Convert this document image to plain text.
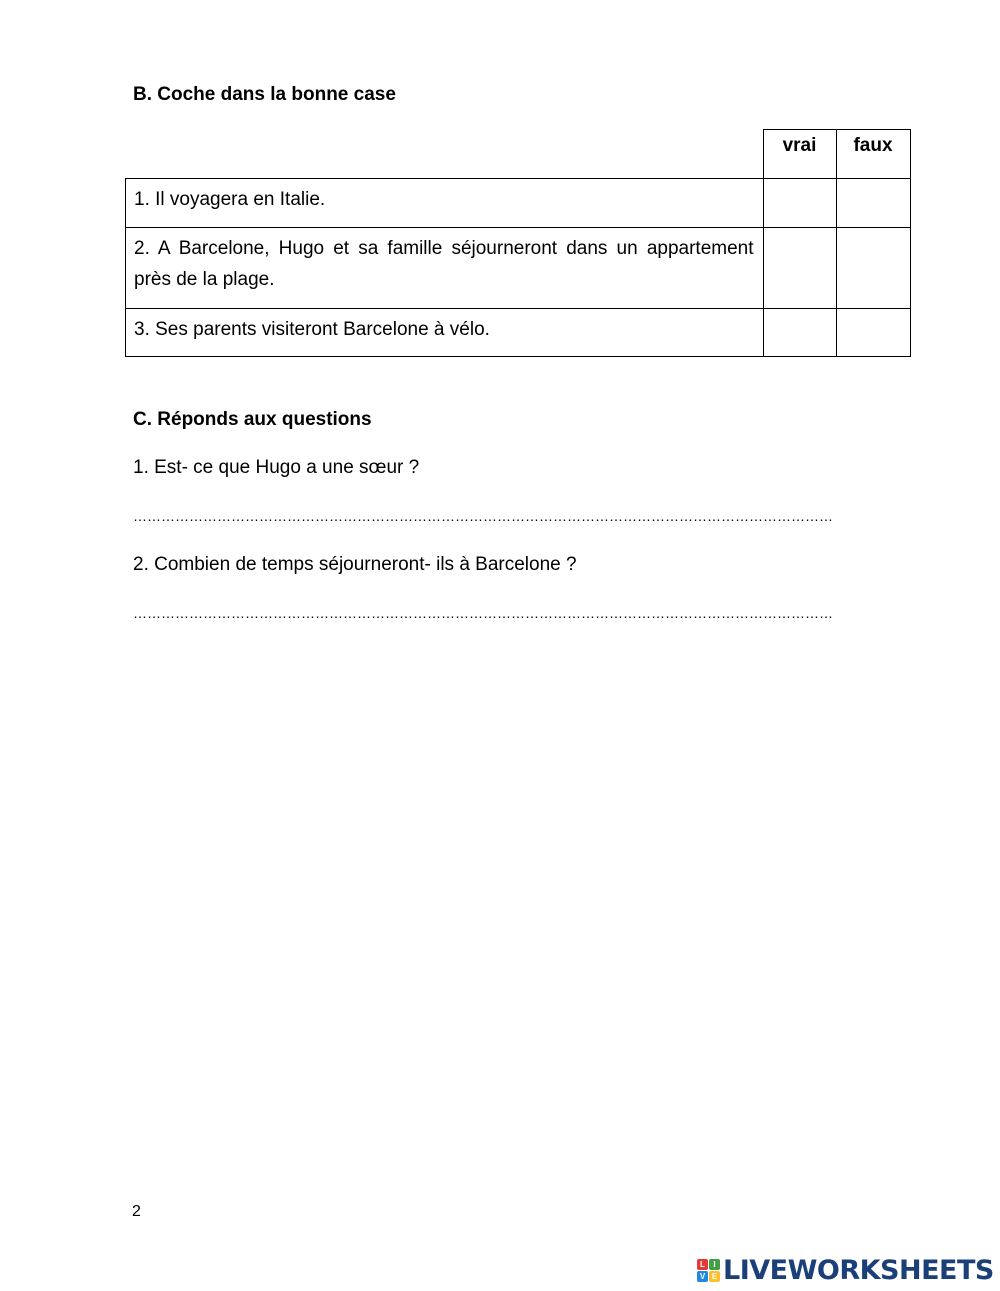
B. Coche dans la bonne case
	vrai	faux
1. Il voyagera en Italie.		
2. A Barcelone, Hugo et sa famille séjourneront dans un appartement près de la plage.		
3. Ses parents visiteront Barcelone à vélo.		
C. Réponds aux questions
1. Est- ce que Hugo a une sœur ?
……………………………………………………………………………………………………………………………………
2. Combien de temps séjourneront- ils à Barcelone ?
……………………………………………………………………………………………………………………………………
2
L	I
V E LIVEWORKSHEETS
